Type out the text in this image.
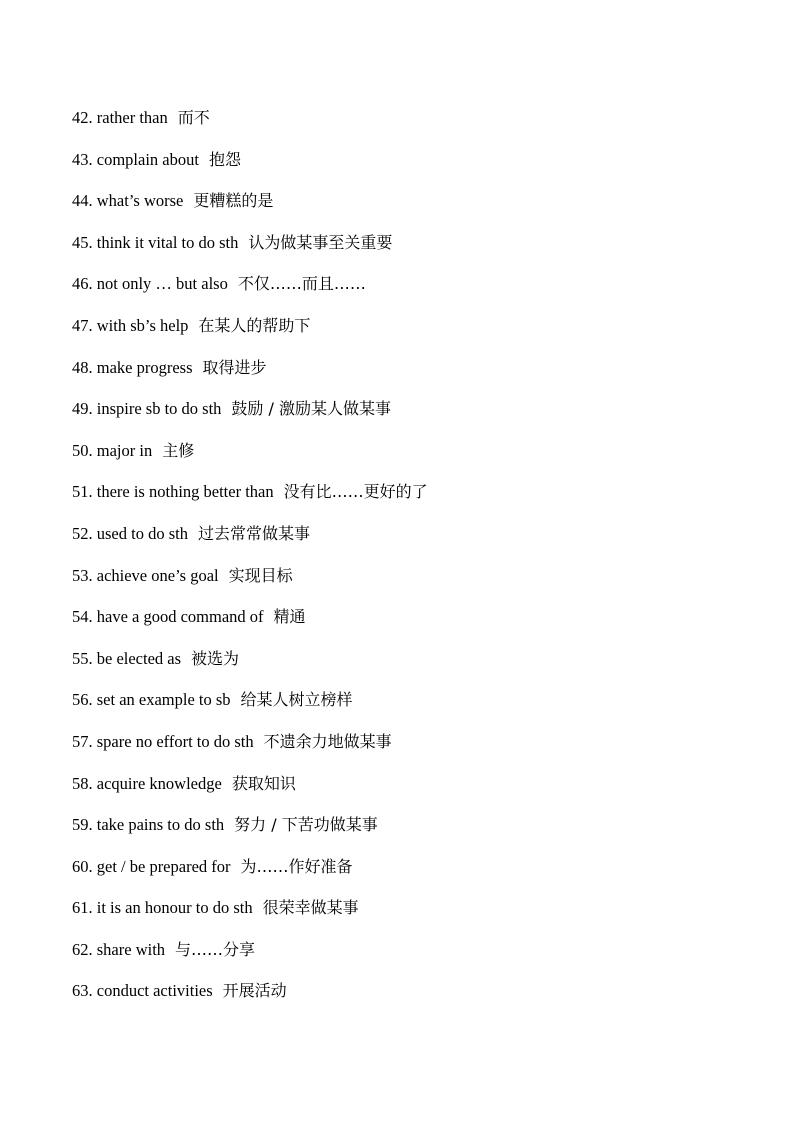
42. rather than 而不
43. complain about 抱怨
44. what’s worse 更糟糕的是
45. think it vital to do sth 认为做某事至关重要
46. not only … but also 不仅……而且……
47. with sb’s help 在某人的帮助下
48. make progress 取得进步
49. inspire sb to do sth 鼓励 / 激励某人做某事
50. major in 主修
51. there is nothing better than 没有比……更好的了
52. used to do sth 过去常常做某事
53. achieve one’s goal 实现目标
54. have a good command of 精通
55. be elected as 被选为
56. set an example to sb 给某人树立榜样
57. spare no effort to do sth 不遗余力地做某事
58. acquire knowledge 获取知识
59. take pains to do sth 努力 / 下苦功做某事
60. get / be prepared for 为……作好准备
61. it is an honour to do sth 很荣幸做某事
62. share with 与……分享
63. conduct activities 开展活动
